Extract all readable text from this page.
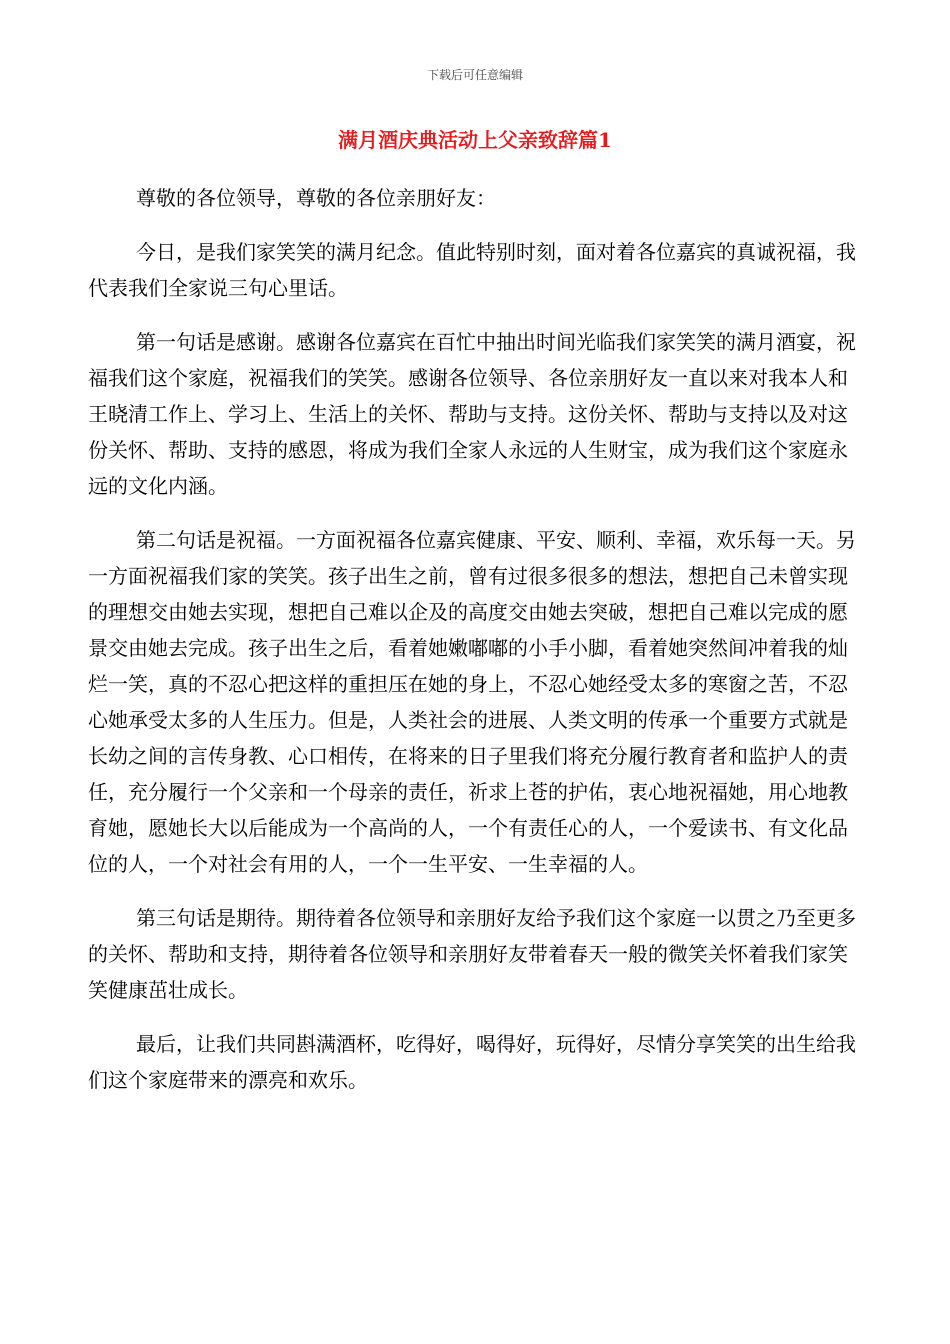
下载后可任意编辑
满月酒庆典活动上父亲致辞篇1

尊敬的各位领导，尊敬的各位亲朋好友：

今日，是我们家笑笑的满月纪念。值此特别时刻，面对着各位嘉宾的真诚祝福，我代表我们全家说三句心里话。

第一句话是感谢。感谢各位嘉宾在百忙中抽出时间光临我们家笑笑的满月酒宴，祝福我们这个家庭，祝福我们的笑笑。感谢各位领导、各位亲朋好友一直以来对我本人和王晓清工作上、学习上、生活上的关怀、帮助与支持。这份关怀、帮助与支持以及对这份关怀、帮助、支持的感恩，将成为我们全家人永远的人生财宝，成为我们这个家庭永远的文化内涵。

第二句话是祝福。一方面祝福各位嘉宾健康、平安、顺利、幸福，欢乐每一天。另一方面祝福我们家的笑笑。孩子出生之前，曾有过很多很多的想法，想把自己未曾实现的理想交由她去实现，想把自己难以企及的高度交由她去突破，想把自己难以完成的愿景交由她去完成。孩子出生之后，看着她嫩嘟嘟的小手小脚，看着她突然间冲着我的灿烂一笑，真的不忍心把这样的重担压在她的身上，不忍心她经受太多的寒窗之苦，不忍心她承受太多的人生压力。但是，人类社会的进展、人类文明的传承一个重要方式就是长幼之间的言传身教、心口相传，在将来的日子里我们将充分履行教育者和监护人的责任，充分履行一个父亲和一个母亲的责任，祈求上苍的护佑，衷心地祝福她，用心地教育她，愿她长大以后能成为一个高尚的人，一个有责任心的人，一个爱读书、有文化品位的人，一个对社会有用的人，一个一生平安、一生幸福的人。

第三句话是期待。期待着各位领导和亲朋好友给予我们这个家庭一以贯之乃至更多的关怀、帮助和支持，期待着各位领导和亲朋好友带着春天一般的微笑关怀着我们家笑笑健康茁壮成长。

最后，让我们共同斟满酒杯，吃得好，喝得好，玩得好，尽情分享笑笑的出生给我们这个家庭带来的漂亮和欢乐。
